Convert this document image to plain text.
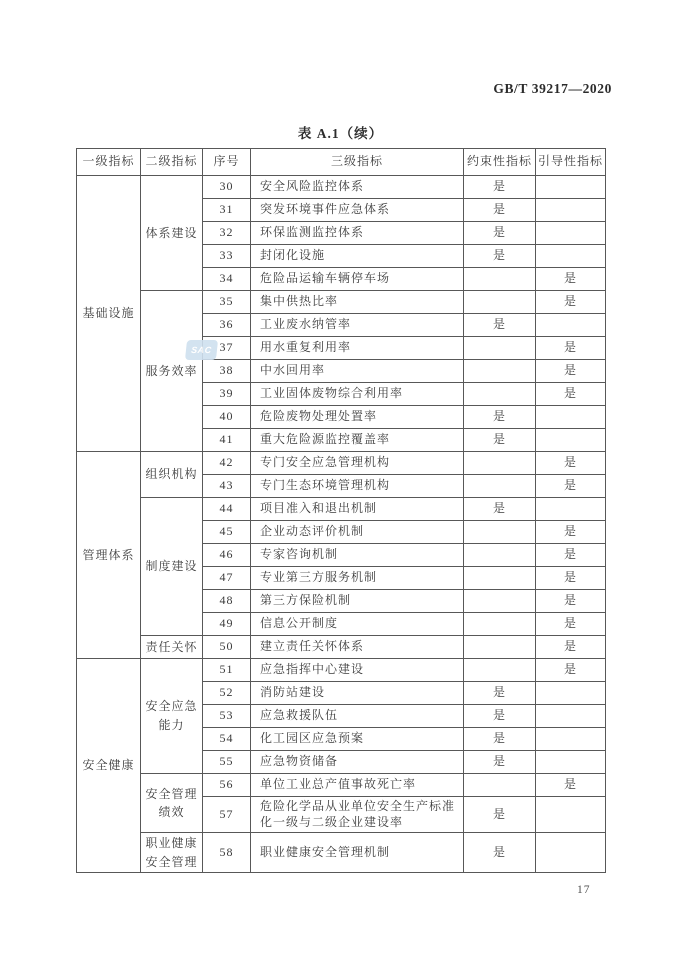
GB/T 39217—2020
表 A.1（续）
一级指标	二级指标	序号	三级指标	约束性指标	引导性指标
基础设施	体系建设	30	安全风险监控体系	是	
		31	突发环境事件应急体系	是	
		32	环保监测监控体系	是	
		33	封闭化设施	是	
		34	危险品运输车辆停车场		是
	服务效率	35	集中供热比率		是
		36	工业废水纳管率	是	
		37	用水重复利用率		是
		38	中水回用率		是
		39	工业固体废物综合利用率		是
		40	危险废物处理处置率	是	
		41	重大危险源监控覆盖率	是	
管理体系	组织机构	42	专门安全应急管理机构		是
		43	专门生态环境管理机构		是
	制度建设	44	项目准入和退出机制	是	
		45	企业动态评价机制		是
		46	专家咨询机制		是
		47	专业第三方服务机制		是
		48	第三方保险机制		是
		49	信息公开制度		是
	责任关怀	50	建立责任关怀体系		是
安全健康	安全应急
能力	51	应急指挥中心建设		是
		52	消防站建设	是	
		53	应急救援队伍	是	
		54	化工园区应急预案	是	
		55	应急物资储备	是	
	安全管理
绩效	56	单位工业总产值事故死亡率		是
		57	危险化学品从业单位安全生产标准化一级与二级企业建设率	是	
	职业健康
安全管理	58	职业健康安全管理机制	是	
SAC
17
